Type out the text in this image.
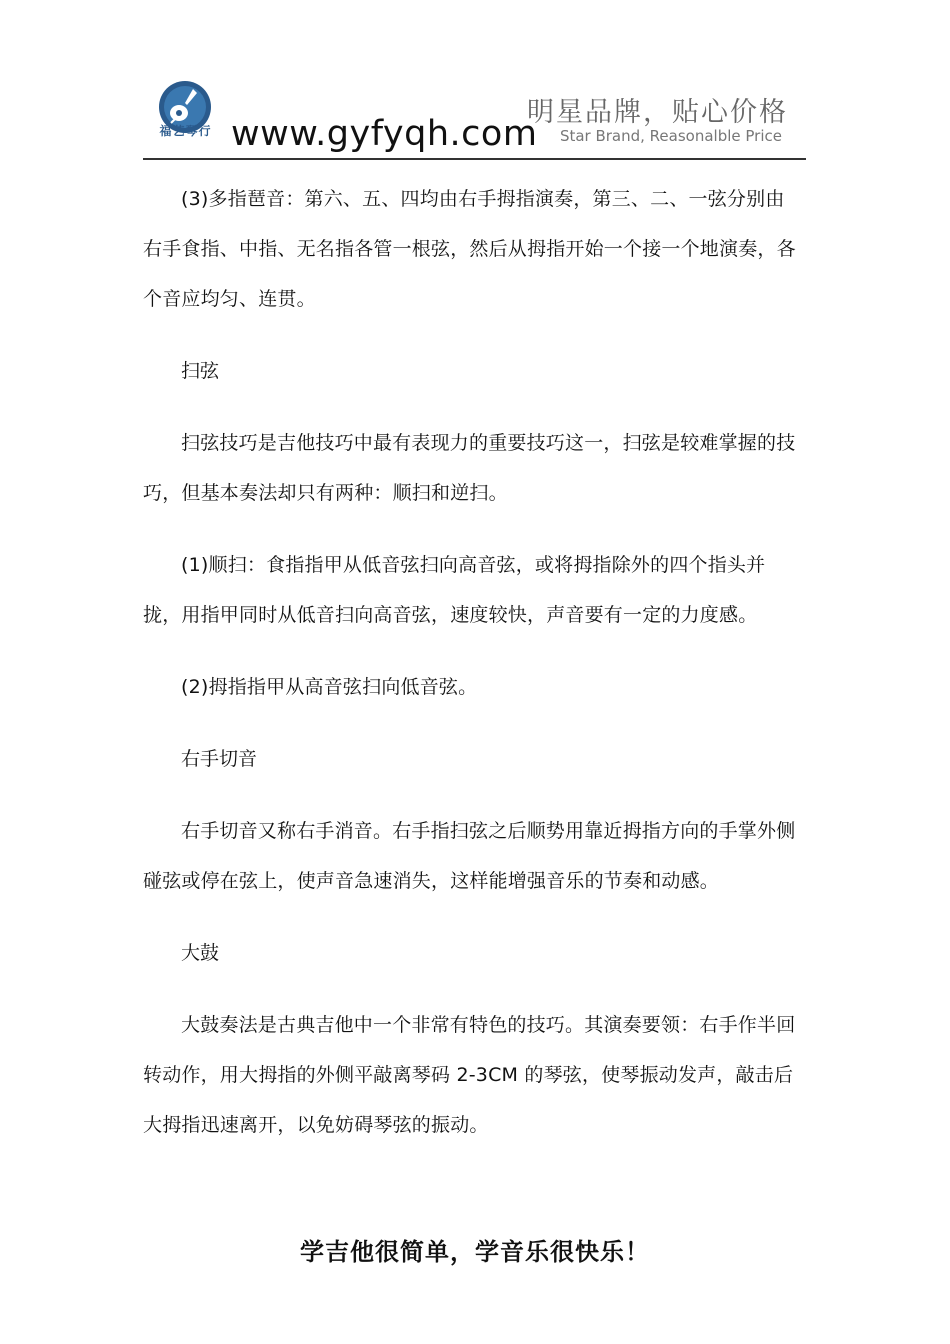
福艺琴行 www.gyfyqh.com
明星品牌，贴心价格
Star Brand, Reasonalble Price

(3)多指琶音：第六、五、四均由右手拇指演奏，第三、二、一弦分别由右手食指、中指、无名指各管一根弦，然后从拇指开始一个接一个地演奏，各个音应均匀、连贯。

扫弦

扫弦技巧是吉他技巧中最有表现力的重要技巧这一，扫弦是较难掌握的技巧，但基本奏法却只有两种：顺扫和逆扫。

(1)顺扫：食指指甲从低音弦扫向高音弦，或将拇指除外的四个指头并拢，用指甲同时从低音扫向高音弦，速度较快，声音要有一定的力度感。

(2)拇指指甲从高音弦扫向低音弦。

右手切音

右手切音又称右手消音。右手指扫弦之后顺势用靠近拇指方向的手掌外侧碰弦或停在弦上，使声音急速消失，这样能增强音乐的节奏和动感。

大鼓

大鼓奏法是古典吉他中一个非常有特色的技巧。其演奏要领：右手作半回转动作，用大拇指的外侧平敲离琴码 2-3CM 的琴弦，使琴振动发声，敲击后大拇指迅速离开，以免妨碍琴弦的振动。

学吉他很简单，学音乐很快乐！
